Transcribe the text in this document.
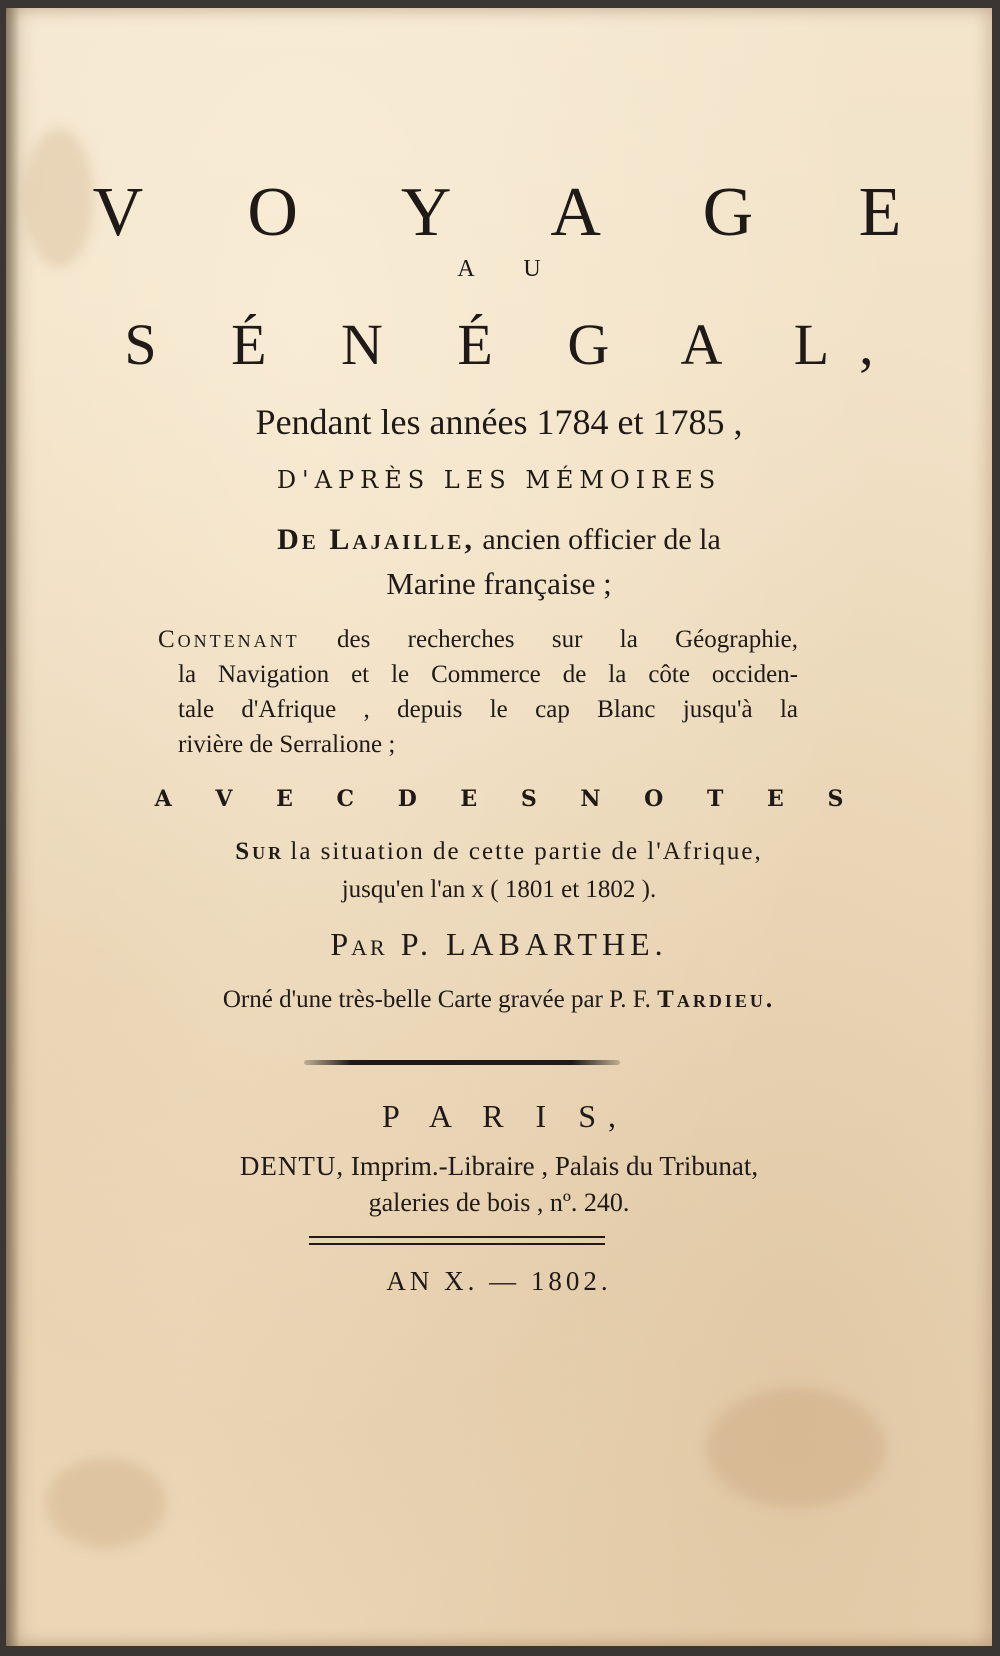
V O Y A G E
A U
S É N É G A L,
Pendant les années 1784 et 1785 ,
D'APRÈS LES MÉMOIRES
De Lajaille, ancien officier de la
Marine française ;
Contenant des recherches sur la Géographie,
la Navigation et le Commerce de la côte occiden-
tale d'Afrique , depuis le cap Blanc jusqu'à la
rivière de Serralione ;
A V E C D E S N O T E S
Sur la situation de cette partie de l'Afrique,
jusqu'en l'an x ( 1801 et 1802 ).
Par P. LABARTHE.
Orné d'une très-belle Carte gravée par P. F. Tardieu.
P A R I S,
DENTU, Imprim.-Libraire , Palais du Tribunat,
galeries de bois , nº. 240.
AN X. — 1802.
